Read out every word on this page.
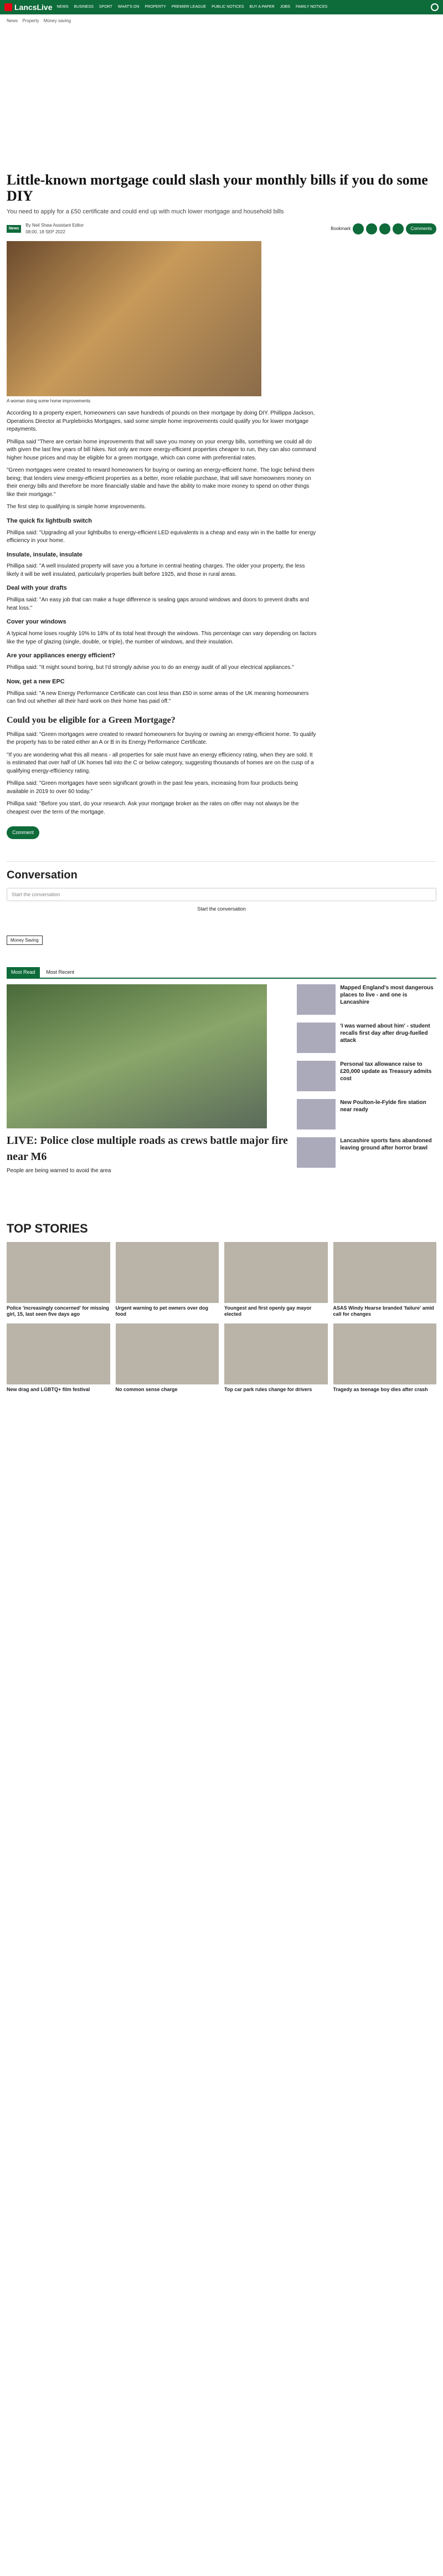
LancsLive NEWS BUSINESS SPORT WHAT'S ON PROPERTY PREMIER LEAGUE PUBLIC NOTICES BUY A PAPER JOBS FAMILY NOTICES
News Property Money saving
Little-known mortgage could slash your monthly bills if you do some DIY

You need to apply for a £50 certificate and could end up with much lower mortgage and household bills

News
By Neil Shaw Assistant Editor
08:00, 18 SEP 2022
Bookmark	Comments
A woman doing some home improvements

According to a property expert, homeowners can save hundreds of pounds on their mortgage by doing DIY. Phillippa Jackson, Operations Director at Purplebricks Mortgages, said some simple home improvements could qualify you for lower mortgage repayments.

Phillipa said "There are certain home improvements that will save you money on your energy bills, something we could all do with given the last few years of bill hikes. Not only are more energy-efficient properties cheaper to run, they can also command higher house prices and may be eligible for a green mortgage, which can come with preferential rates.

"Green mortgages were created to reward homeowners for buying or owning an energy-efficient home. The logic behind them being; that lenders view energy-efficient properties as a better, more reliable purchase, that will save homeowners money on their energy bills and therefore be more financially stable and have the ability to make more money to spend on other things like their mortgage."

The first step to qualifying is simple home improvements.

The quick fix lightbulb switch

Phillipa said: "Upgrading all your lightbulbs to energy-efficient LED equivalents is a cheap and easy win in the battle for energy efficiency in your home.

Insulate, insulate, insulate

Phillipa said: "A well insulated property will save you a fortune in central heating charges. The older your property, the less likely it will be well insulated, particularly properties built before 1925, and those in rural areas.

Deal with your drafts

Phillipa said: "An easy job that can make a huge difference is sealing gaps around windows and doors to prevent drafts and heat loss."

Cover your windows

A typical home loses roughly 10% to 18% of its total heat through the windows. This percentage can vary depending on factors like the type of glazing (single, double, or triple), the number of windows, and their insulation.

Are your appliances energy efficient?

Phillipa said: "It might sound boring, but I'd strongly advise you to do an energy audit of all your electrical appliances."

Now, get a new EPC

Phillipa said: "A new Energy Performance Certificate can cost less than £50 in some areas of the UK meaning homeowners can find out whether all their hard work on their home has paid off."

Could you be eligible for a Green Mortgage?

Phillipa said: "Green mortgages were created to reward homeowners for buying or owning an energy-efficient home. To qualify the property has to be rated either an A or B in its Energy Performance Certificate.

"If you are wondering what this all means - all properties for sale must have an energy efficiency rating, when they are sold. It is estimated that over half of UK homes fall into the C or below category, suggesting thousands of homes are on the cusp of a qualifying energy-efficiency rating.

Phillipa said: "Green mortgages have seen significant growth in the past few years, increasing from four products being available in 2019 to over 60 today."

Phillipa said: "Before you start, do your research. Ask your mortgage broker as the rates on offer may not always be the cheapest over the term of the mortgage.

Comment
Conversation
Start the conversation
Start the conversation
Money Saving
Most Read	Most Recent
LIVE: Police close multiple roads as crews battle major fire near M6
People are being warned to avoid the area
Mapped England's most dangerous places to live - and one is Lancashire
'I was warned about him' - student recalls first day after drug-fuelled attack
Personal tax allowance raise to £20,000 update as Treasury admits cost
New Poulton-le-Fylde fire station near ready
Lancashire sports fans abandoned leaving ground after horror brawl
TOP STORIES
Police 'increasingly concerned' for missing girl, 15, last seen five days ago
Urgent warning to pet owners over dog food
Youngest and first openly gay mayor elected
ASAS Windy Hearse branded 'failure' amid call for changes
New drag and LGBTQ+ film festival	No common sense charge	Top car park rules change for drivers	Tragedy as teenage boy dies after crash
